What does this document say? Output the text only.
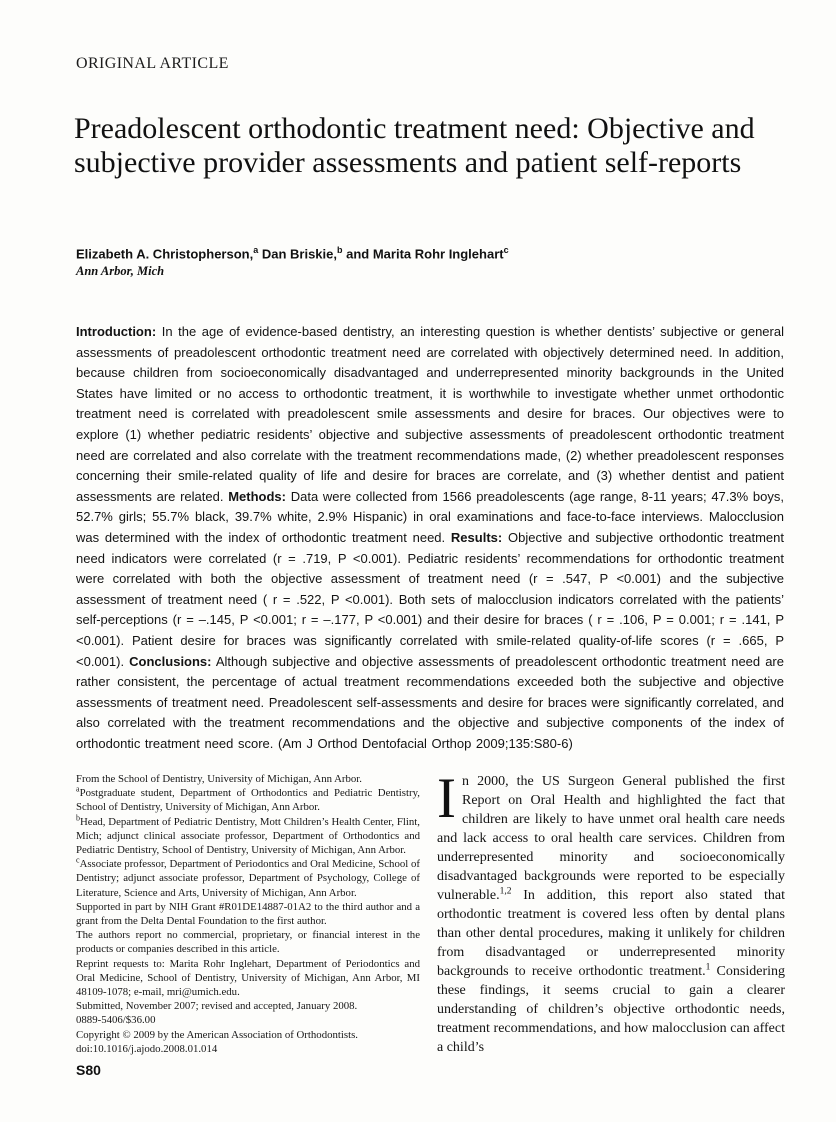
ORIGINAL ARTICLE
Preadolescent orthodontic treatment need: Objective and subjective provider assessments and patient self-reports
Elizabeth A. Christopherson,$^a$ Dan Briskie,$^b$ and Marita Rohr Inglehart$^c$
Ann Arbor, Mich

Introduction: In the age of evidence-based dentistry, an interesting question is whether dentists’ subjective or general assessments of preadolescent orthodontic treatment need are correlated with objectively determined need. In addition, because children from socioeconomically disadvantaged and underrepresented minority backgrounds in the United States have limited or no access to orthodontic treatment, it is worthwhile to investigate whether unmet orthodontic treatment need is correlated with preadolescent smile assessments and desire for braces. Our objectives were to explore (1) whether pediatric residents’ objective and subjective assessments of preadolescent orthodontic treatment need are correlated and also correlate with the treatment recommendations made, (2) whether preadolescent responses concerning their smile-related quality of life and desire for braces are correlate, and (3) whether dentist and patient assessments are related. Methods: Data were collected from 1566 preadolescents (age range, 8-11 years; 47.3% boys, 52.7% girls; 55.7% black, 39.7% white, 2.9% Hispanic) in oral examinations and face-to-face interviews. Malocclusion was determined with the index of orthodontic treatment need. Results: Objective and subjective orthodontic treatment need indicators were correlated (r = .719, P <0.001). Pediatric residents’ recommendations for orthodontic treatment were correlated with both the objective assessment of treatment need (r = .547, P <0.001) and the subjective assessment of treatment need ( r = .522, P <0.001). Both sets of malocclusion indicators correlated with the patients’ self-perceptions (r = –.145, P <0.001; r = –.177, P <0.001) and their desire for braces ( r = .106, P = 0.001; r = .141, P <0.001). Patient desire for braces was significantly correlated with smile-related quality-of-life scores (r = .665, P <0.001). Conclusions: Although subjective and objective assessments of preadolescent orthodontic treatment need are rather consistent, the percentage of actual treatment recommendations exceeded both the subjective and objective assessments of treatment need. Preadolescent self-assessments and desire for braces were significantly correlated, and also correlated with the treatment recommendations and the objective and subjective components of the index of orthodontic treatment need score. (Am J Orthod Dentofacial Orthop 2009;135:S80-6)

From the School of Dentistry, University of Michigan, Ann Arbor.

$^a$Postgraduate student, Department of Orthodontics and Pediatric Dentistry, School of Dentistry, University of Michigan, Ann Arbor.

$^b$Head, Department of Pediatric Dentistry, Mott Children’s Health Center, Flint, Mich; adjunct clinical associate professor, Department of Orthodontics and Pediatric Dentistry, School of Dentistry, University of Michigan, Ann Arbor.

$^c$Associate professor, Department of Periodontics and Oral Medicine, School of Dentistry; adjunct associate professor, Department of Psychology, College of Literature, Science and Arts, University of Michigan, Ann Arbor.

Supported in part by NIH Grant #R01DE14887-01A2 to the third author and a grant from the Delta Dental Foundation to the first author.

The authors report no commercial, proprietary, or financial interest in the products or companies described in this article.

Reprint requests to: Marita Rohr Inglehart, Department of Periodontics and Oral Medicine, School of Dentistry, University of Michigan, Ann Arbor, MI 48109-1078; e-mail, mri@umich.edu.

Submitted, November 2007; revised and accepted, January 2008.

0889-5406/$36.00

Copyright © 2009 by the American Association of Orthodontists.

doi:10.1016/j.ajodo.2008.01.014

In 2000, the US Surgeon General published the first Report on Oral Health and highlighted the fact that children are likely to have unmet oral health care needs and lack access to oral health care services. Children from underrepresented minority and socioeconomically disadvantaged backgrounds were reported to be especially vulnerable.$^{1,2}$ In addition, this report also stated that orthodontic treatment is covered less often by dental plans than other dental procedures, making it unlikely for children from disadvantaged or underrepresented minority backgrounds to receive orthodontic treatment.$^1$ Considering these findings, it seems crucial to gain a clearer understanding of children’s objective orthodontic needs, treatment recommendations, and how malocclusion can affect a child’s

S80
